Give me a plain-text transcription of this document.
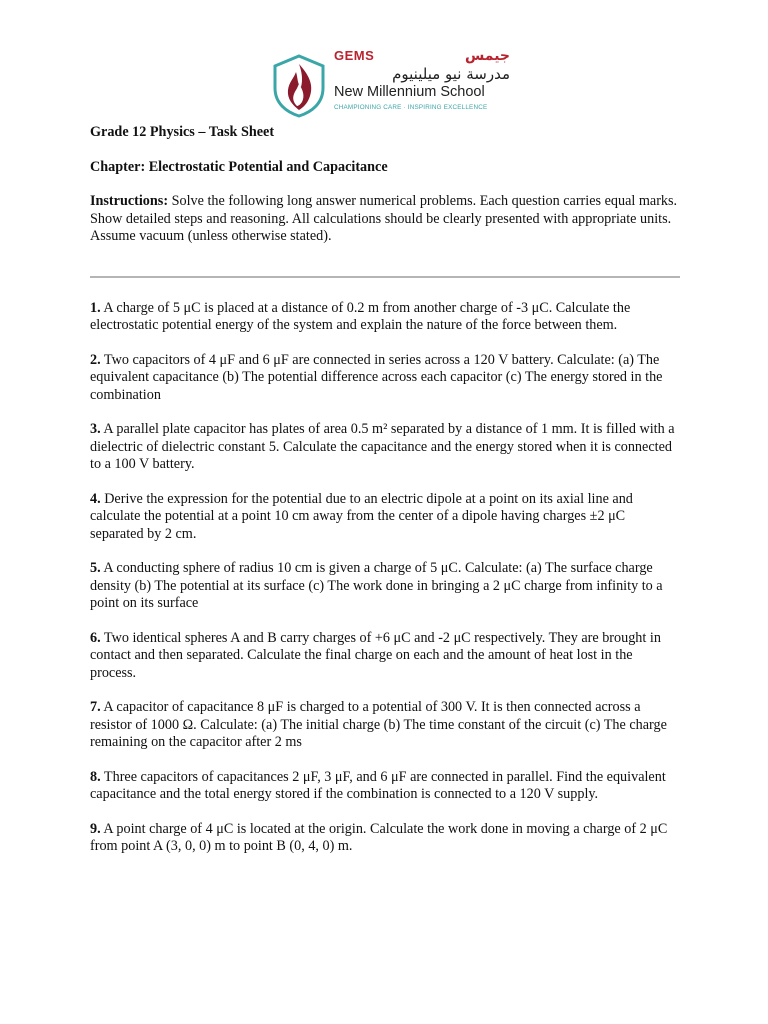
GEMS	جيمس
مدرسة نيو ميلينيوم
New Millennium School
CHAMPIONING CARE · INSPIRING EXCELLENCE

Grade 12 Physics – Task Sheet

Chapter: Electrostatic Potential and Capacitance

Instructions: Solve the following long answer numerical problems. Each question carries equal marks. Show detailed steps and reasoning. All calculations should be clearly presented with appropriate units. Assume vacuum (unless otherwise stated).

1. A charge of 5 μC is placed at a distance of 0.2 m from another charge of -3 μC. Calculate the electrostatic potential energy of the system and explain the nature of the force between them.

2. Two capacitors of 4 μF and 6 μF are connected in series across a 120 V battery. Calculate: (a) The equivalent capacitance (b) The potential difference across each capacitor (c) The energy stored in the combination

3. A parallel plate capacitor has plates of area 0.5 m² separated by a distance of 1 mm. It is filled with a dielectric of dielectric constant 5. Calculate the capacitance and the energy stored when it is connected to a 100 V battery.

4. Derive the expression for the potential due to an electric dipole at a point on its axial line and calculate the potential at a point 10 cm away from the center of a dipole having charges ±2 μC separated by 2 cm.

5. A conducting sphere of radius 10 cm is given a charge of 5 μC. Calculate: (a) The surface charge density (b) The potential at its surface (c) The work done in bringing a 2 μC charge from infinity to a point on its surface

6. Two identical spheres A and B carry charges of +6 μC and -2 μC respectively. They are brought in contact and then separated. Calculate the final charge on each and the amount of heat lost in the process.

7. A capacitor of capacitance 8 μF is charged to a potential of 300 V. It is then connected across a resistor of 1000 Ω. Calculate: (a) The initial charge (b) The time constant of the circuit (c) The charge remaining on the capacitor after 2 ms

8. Three capacitors of capacitances 2 μF, 3 μF, and 6 μF are connected in parallel. Find the equivalent capacitance and the total energy stored if the combination is connected to a 120 V supply.

9. A point charge of 4 μC is located at the origin. Calculate the work done in moving a charge of 2 μC from point A (3, 0, 0) m to point B (0, 4, 0) m.
